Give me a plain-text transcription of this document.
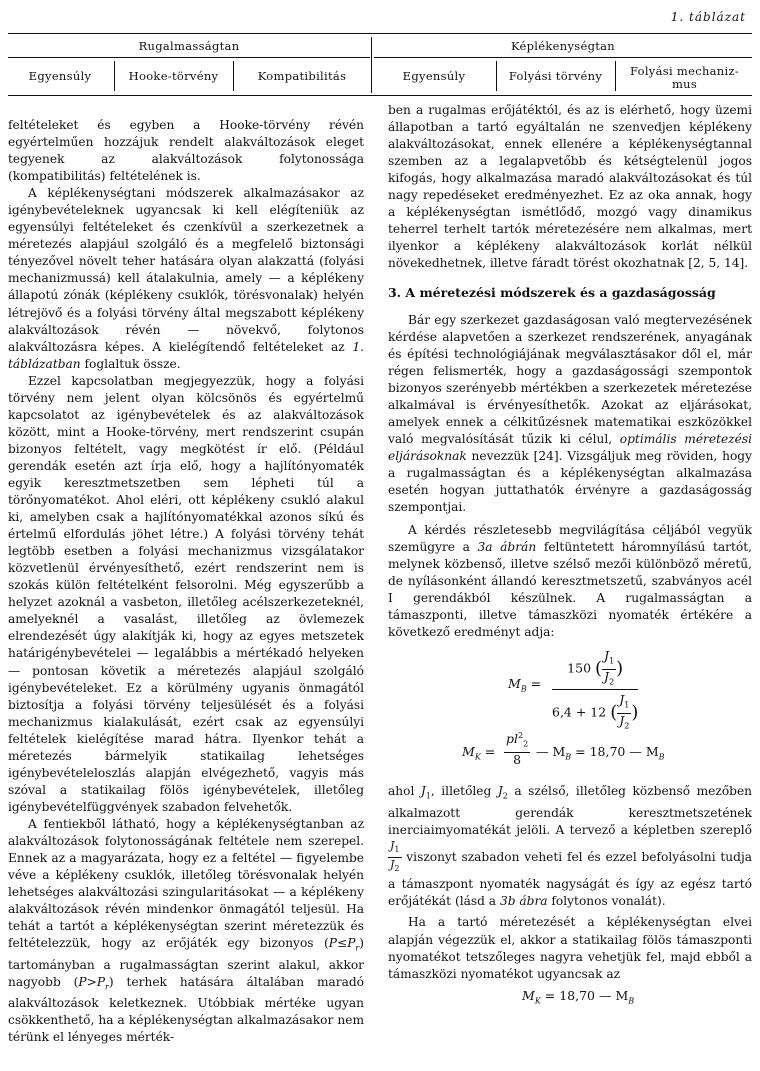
1. táblázat
Rugalmasságtan	Képlékenységtan
Egyensúly	Hooke-törvény	Kompatibilitás	Egyensúly	Folyási törvény	Folyási mechaniz-
mus

feltételeket és egyben a Hooke-törvény révén egyértelműen hozzájuk rendelt alakváltozások eleget tegyenek az alakváltozások folytonossága (kompatibilitás) feltételének is.

A képlékenységtani módszerek alkalmazásakor az igénybevételeknek ugyancsak ki kell elégíteniük az egyensúlyi feltételeket és czenkívül a szerkezetnek a méretezés alapjául szolgáló és a megfelelő biztonsági tényezővel növelt teher hatására olyan alakzattá (folyási mechanizmussá) kell átalakulnia, amely — a képlékeny állapotú zónák (képlékeny csuklók, törésvonalak) helyén létrejövő és a folyási törvény által megszabott képlékeny alakváltozások révén — növekvő, folytonos alakváltozásra képes. A kielégítendő feltételeket az 1. táblázatban foglaltuk össze.

Ezzel kapcsolatban megjegyezzük, hogy a folyási törvény nem jelent olyan kölcsönös és egyértelmű kapcsolatot az igénybevételek és az alakváltozások között, mint a Hooke-törvény, mert rendszerint csupán bizonyos feltételt, vagy megkötést ír elő. (Például gerendák esetén azt írja elő, hogy a hajlítónyomaték egyik keresztmetszetben sem lépheti túl a törőnyomatékot. Ahol eléri, ott képlékeny csukló alakul ki, amelyben csak a hajlítónyomatékkal azonos síkú és értelmű elfordulás jöhet létre.) A folyási törvény tehát legtöbb esetben a folyási mechanizmus vizsgálatakor közvetlenül érvényesíthető, ezért rendszerint nem is szokás külön feltételként felsorolni. Még egyszerűbb a helyzet azoknál a vasbeton, illetőleg acélszerkezeteknél, amelyeknél a vasalást, illetőleg az övlemezek elrendezését úgy alakítják ki, hogy az egyes metszetek határigénybevételei — legalábbis a mértékadó helyeken — pontosan követik a méretezés alapjául szolgáló igénybevételeket. Ez a körülmény ugyanis önmagától biztosítja a folyási törvény teljesülését és a folyási mechanizmus kialakulását, ezért csak az egyensúlyi feltételek kielégítése marad hátra. Ilyenkor tehát a méretezés bármelyik statikailag lehetséges igénybevételeloszlás alapján elvégezhető, vagyis más szóval a statikailag fölös igénybevételek, illetőleg igénybevételfüggvények szabadon felvehetők.

A fentiekből látható, hogy a képlékenységtanban az alakváltozások folytonosságának feltétele nem szerepel. Ennek az a magyarázata, hogy ez a feltétel — figyelembe véve a képlékeny csuklók, illetőleg törésvonalak helyén lehetséges alakváltozási szingularitásokat — a képlékeny alakváltozások révén mindenkor önmagától teljesül. Ha tehát a tartót a képlékenységtan szerint méretezzük és feltételezzük, hogy az erőjáték egy bizonyos $(P\le P_r)$ tartományban a rugalmasságtan szerint alakul, akkor nagyobb $(P>P_r)$ terhek hatására általában maradó alakváltozások keletkeznek. Utóbbiak mértéke ugyan csökkenthető, ha a képlékenységtan alkalmazásakor nem térünk el lényeges mérték-

ben a rugalmas erőjátéktól, és az is elérhető, hogy üzemi állapotban a tartó egyáltalán ne szenvedjen képlékeny alakváltozásokat, ennek ellenére a képlékenységtannal szemben az a legalapvetőbb és kétségtelenül jogos kifogás, hogy alkalmazása maradó alakváltozásokat és túl nagy repedéseket eredményezhet. Ez az oka annak, hogy a képlékenységtan ismétlődő, mozgó vagy dinamikus teherrel terhelt tartók méretezésére nem alkalmas, mert ilyenkor a képlékeny alakváltozások korlát nélkül növekedhetnek, illetve fáradt törést okozhatnak [2, 5, 14].

3. A méretezési módszerek és a gazdaságosság

Bár egy szerkezet gazdaságosan való megtervezésének kérdése alapvetően a szerkezet rendszerének, anyagának és építési technológiájának megválasztásakor dől el, már régen felismerték, hogy a gazdaságossági szempontok bizonyos szerényebb mértékben a szerkezetek méretezése alkalmával is érvényesíthetők. Azokat az eljárásokat, amelyek ennek a célkitűzésnek matematikai eszközökkel való megvalósítását tűzik ki célul, optimális méretezési eljárásoknak nevezzük [24]. Vizsgáljuk meg röviden, hogy a rugalmasságtan és a képlékenységtan alkalmazása esetén hogyan juttathatók érvényre a gazdaságosság szempontjai.

A kérdés részletesebb megvilágítása céljából vegyük szemügyre a 3a ábrán feltüntetett háromnyílású tartót, melynek közbenső, illetve szélső mezői különböző méretű, de nyílásonként állandó keresztmetszetű, szabványos acél I gerendákból készülnek. A rugalmasságtan a támaszponti, illetve támaszközi nyomaték értékére a következő eredményt adja:

$M_B = \frac{150 ( \frac{J_1}{J_2} )}{6,4 + 12 ( \frac{J_1}{J_2} )}$
$M_K = \frac{pl^2_2}{8}$ — $M_B = 18,70$ — $M_B$

ahol $J_1$, illetőleg $J_2$ a szélső, illetőleg közbenső mezőben alkalmazott gerendák keresztmetszetének inerciaimyomatékát jelöli. A tervező a képletben szereplő
$\frac{J_1}{J_2}$ viszonyt szabadon veheti fel és ezzel befolyásolni tudja a támaszpont nyomaték nagyságát és így az egész tartó erőjátékát (lásd a 3b ábra folytonos vonalát).

Ha a tartó méretezését a képlékenységtan elvei alapján végezzük el, akkor a statikailag fölös támaszponti nyomatékot tetszőleges nagyra vehetjük fel, majd ebből a támaszközi nyomatékot ugyancsak az

$M_K = 18,70$ — $M_B$
